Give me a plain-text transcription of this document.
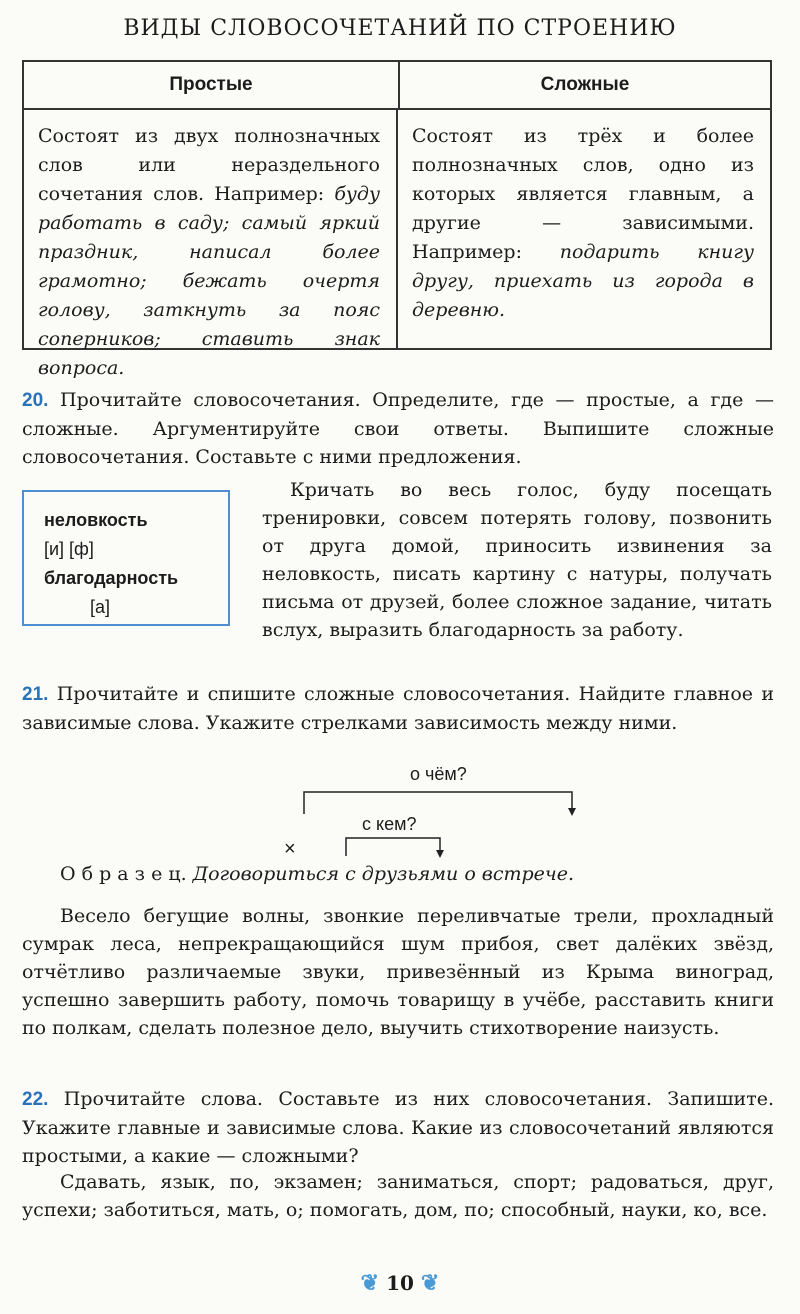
ВИДЫ СЛОВОСОЧЕТАНИЙ ПО СТРОЕНИЮ
Простые	Сложные
Состоят из двух полнозначных слов или нераздельного сочетания слов. Например: буду работать в саду; самый яркий праздник, написал более грамотно; бежать очертя голову, заткнуть за пояс соперников; ставить знак вопроса.
Состоят из трёх и более полнозначных слов, одно из которых является главным, а другие — зависимыми. Например: подарить книгу другу, приехать из города в деревню.
20. Прочитайте словосочетания. Определите, где — простые, а где — сложные. Аргументируйте свои ответы. Выпишите сложные словосочетания. Составьте с ними предложения.
неловкость
[и] [ф]
благодарность
[а]
Кричать во весь голос, буду посещать тренировки, совсем потерять голову, позвонить от друга домой, приносить извинения за неловкость, писать картину с натуры, получать письма от друзей, более сложное задание, читать вслух, выразить благодарность за работу.
21. Прочитайте и спишите сложные словосочетания. Найдите главное и зависимые слова. Укажите стрелками зависимость между ними.
о чём?
с кем?
×
О б р а з е ц. Договориться с друзьями о встрече.
Весело бегущие волны, звонкие переливчатые трели, прохладный сумрак леса, непрекращающийся шум прибоя, свет далёких звёзд, отчётливо различаемые звуки, привезённый из Крыма виноград, успешно завершить работу, помочь товарищу в учёбе, расставить книги по полкам, сделать полезное дело, выучить стихотворение наизусть.
22. Прочитайте слова. Составьте из них словосочетания. Запишите. Укажите главные и зависимые слова. Какие из словосочетаний являются простыми, а какие — сложными?
Сдавать, язык, по, экзамен; заниматься, спорт; радоваться, друг, успехи; заботиться, мать, о; помогать, дом, по; способный, науки, ко, все.
❦ 10 ❦
